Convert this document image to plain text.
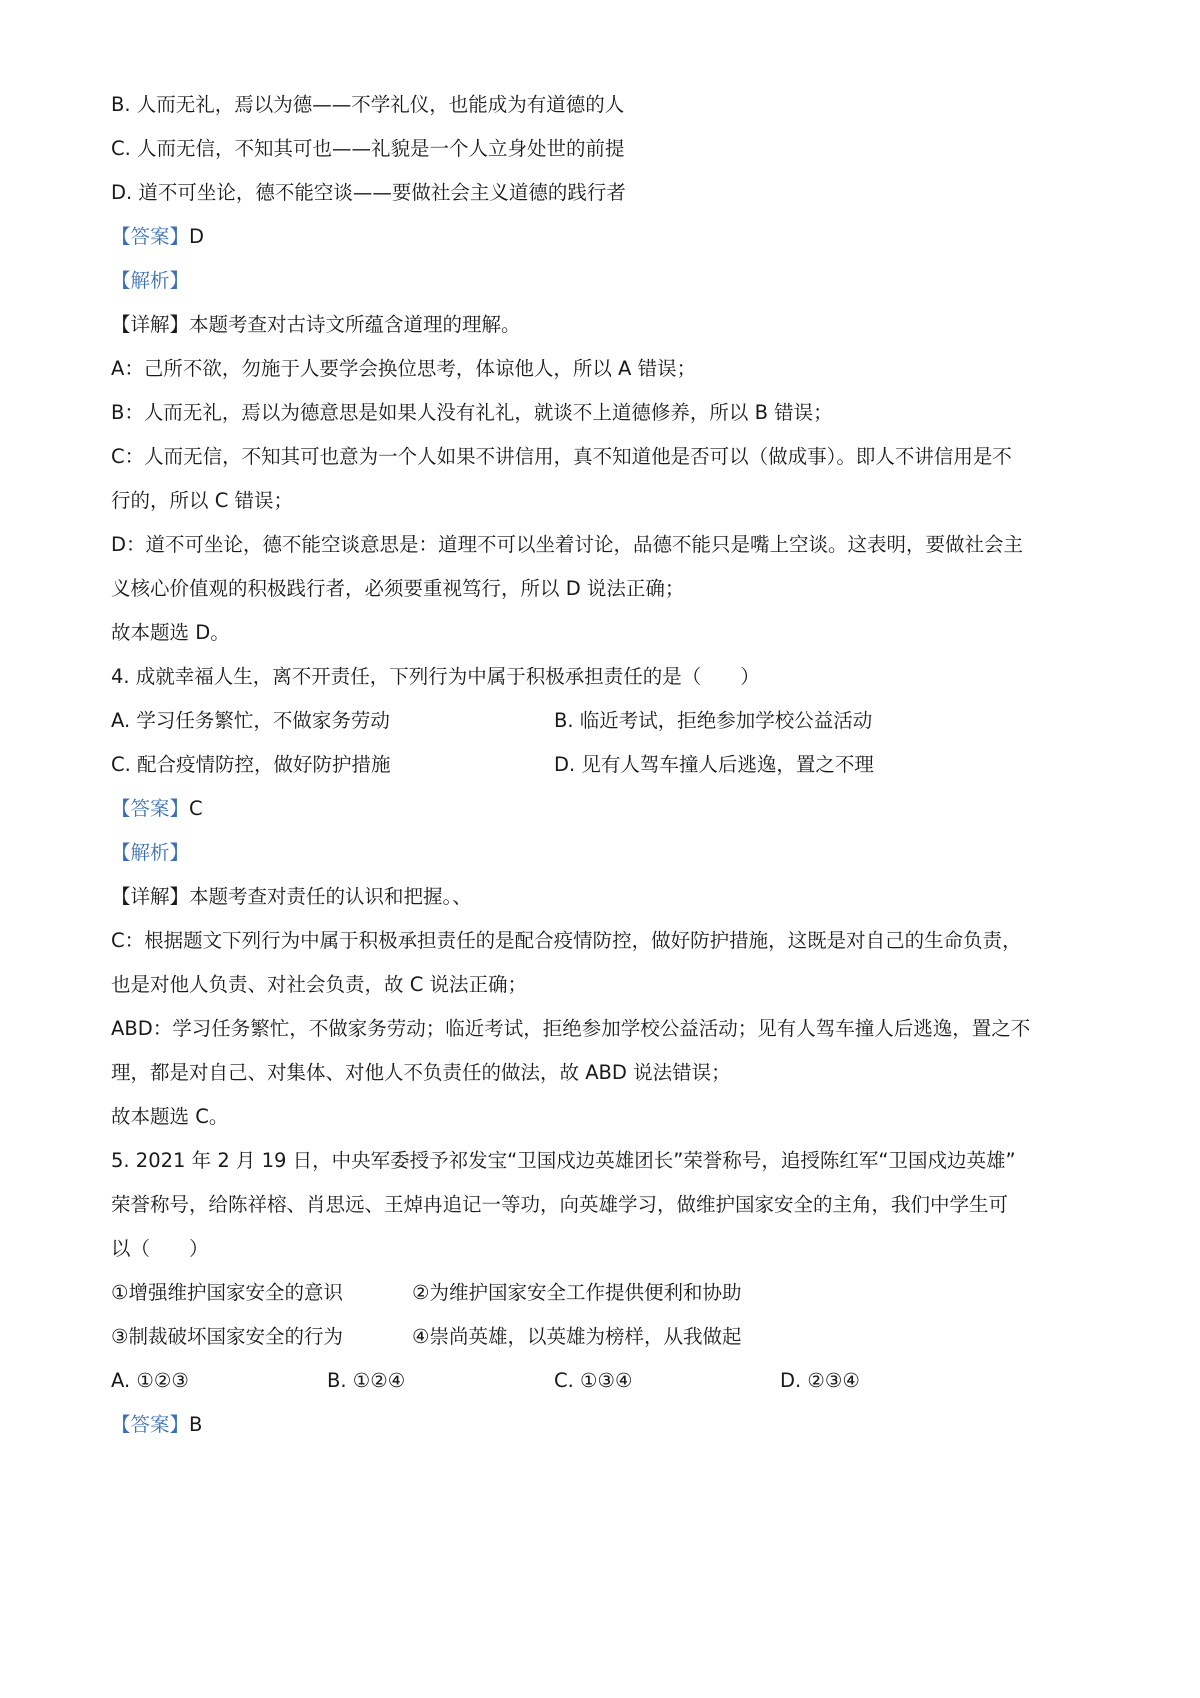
B. 人而无礼，焉以为德——不学礼仪，也能成为有道德的人
C. 人而无信，不知其可也——礼貌是一个人立身处世的前提
D. 道不可坐论，德不能空谈——要做社会主义道德的践行者
【答案】D
【解析】
【详解】本题考查对古诗文所蕴含道理的理解。
A：己所不欲，勿施于人要学会换位思考，体谅他人，所以 A 错误；
B：人而无礼，焉以为德意思是如果人没有礼礼，就谈不上道德修养，所以 B 错误；
C：人而无信，不知其可也意为一个人如果不讲信用，真不知道他是否可以（做成事）。即人不讲信用是不
行的，所以 C 错误；
D：道不可坐论，德不能空谈意思是：道理不可以坐着讨论，品德不能只是嘴上空谈。这表明，要做社会主
义核心价值观的积极践行者，必须要重视笃行，所以 D 说法正确；
故本题选 D。
4. 成就幸福人生，离不开责任，下列行为中属于积极承担责任的是（　　）
A. 学习任务繁忙，不做家务劳动	B. 临近考试，拒绝参加学校公益活动
C. 配合疫情防控，做好防护措施	D. 见有人驾车撞人后逃逸，置之不理
【答案】C
【解析】
【详解】本题考查对责任的认识和把握。、
C：根据题文下列行为中属于积极承担责任的是配合疫情防控，做好防护措施，这既是对自己的生命负责，
也是对他人负责、对社会负责，故 C 说法正确；
ABD：学习任务繁忙，不做家务劳动；临近考试，拒绝参加学校公益活动；见有人驾车撞人后逃逸，置之不
理，都是对自己、对集体、对他人不负责任的做法，故 ABD 说法错误；
故本题选 C。
5. 2021 年 2 月 19 日，中央军委授予祁发宝“卫国戍边英雄团长”荣誉称号，追授陈红军“卫国戍边英雄”
荣誉称号，给陈祥榕、肖思远、王焯冉追记一等功，向英雄学习，做维护国家安全的主角，我们中学生可
以（　　）
①增强维护国家安全的意识	②为维护国家安全工作提供便利和协助
③制裁破坏国家安全的行为	④崇尚英雄，以英雄为榜样，从我做起
A. ①②③	B. ①②④	C. ①③④	D. ②③④
【答案】B
